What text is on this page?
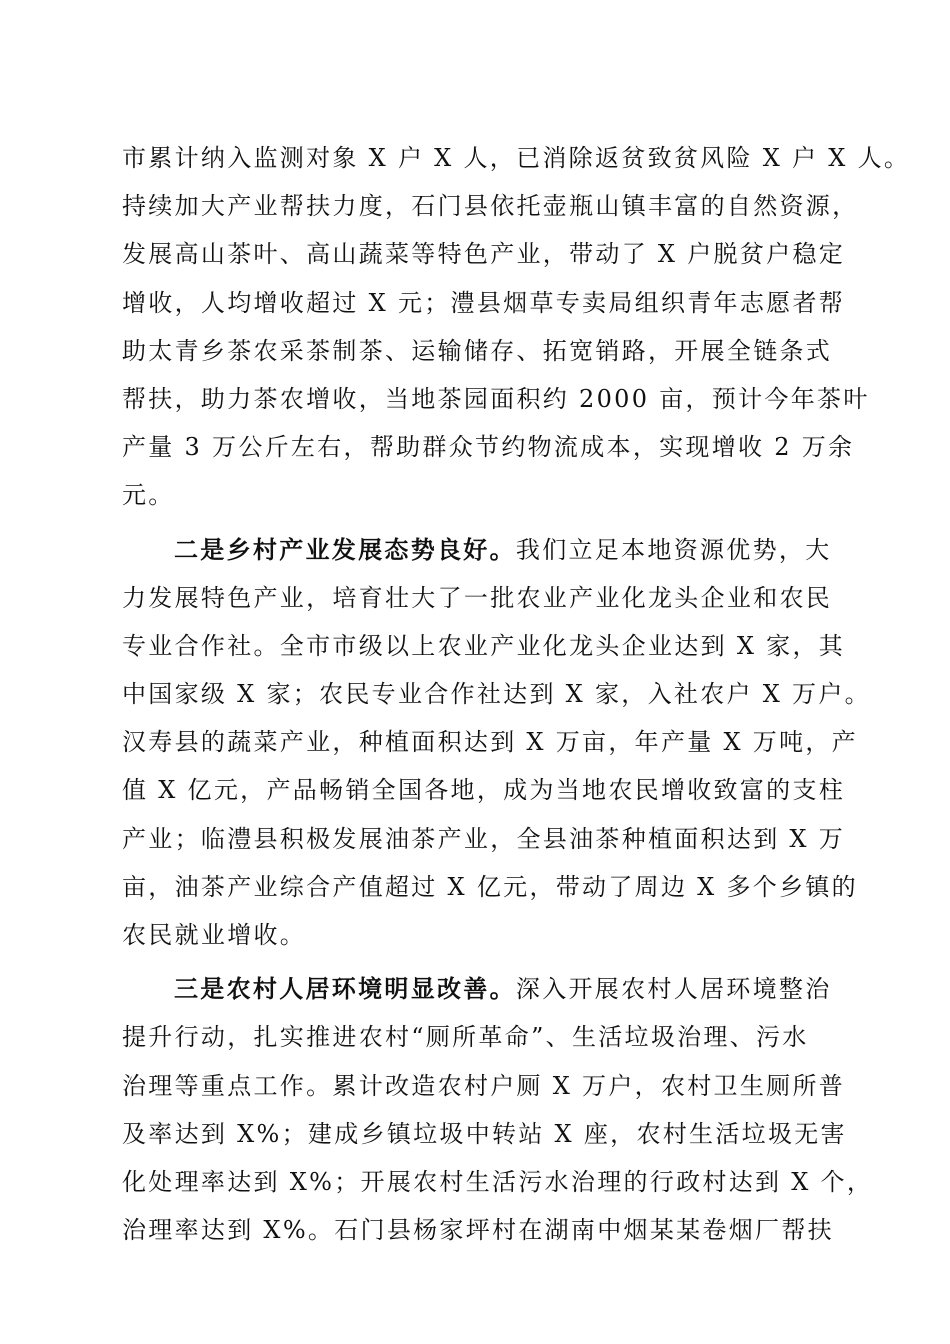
市累计纳入监测对象 X 户 X 人，已消除返贫致贫风险 X 户 X 人。
持续加大产业帮扶力度，石门县依托壶瓶山镇丰富的自然资源，
发展高山茶叶、高山蔬菜等特色产业，带动了 X 户脱贫户稳定
增收，人均增收超过 X 元；澧县烟草专卖局组织青年志愿者帮
助太青乡茶农采茶制茶、运输储存、拓宽销路，开展全链条式
帮扶，助力茶农增收，当地茶园面积约 2000 亩，预计今年茶叶
产量 3 万公斤左右，帮助群众节约物流成本，实现增收 2 万余
元。
二是乡村产业发展态势良好。我们立足本地资源优势，大
力发展特色产业，培育壮大了一批农业产业化龙头企业和农民
专业合作社。全市市级以上农业产业化龙头企业达到 X 家，其
中国家级 X 家；农民专业合作社达到 X 家，入社农户 X 万户。
汉寿县的蔬菜产业，种植面积达到 X 万亩，年产量 X 万吨，产
值 X 亿元，产品畅销全国各地，成为当地农民增收致富的支柱
产业；临澧县积极发展油茶产业，全县油茶种植面积达到 X 万
亩，油茶产业综合产值超过 X 亿元，带动了周边 X 多个乡镇的
农民就业增收。
三是农村人居环境明显改善。深入开展农村人居环境整治
提升行动，扎实推进农村“厕所革命”、生活垃圾治理、污水
治理等重点工作。累计改造农村户厕 X 万户，农村卫生厕所普
及率达到 X%；建成乡镇垃圾中转站 X 座，农村生活垃圾无害
化处理率达到 X%；开展农村生活污水治理的行政村达到 X 个，
治理率达到 X%。石门县杨家坪村在湖南中烟某某卷烟厂帮扶
